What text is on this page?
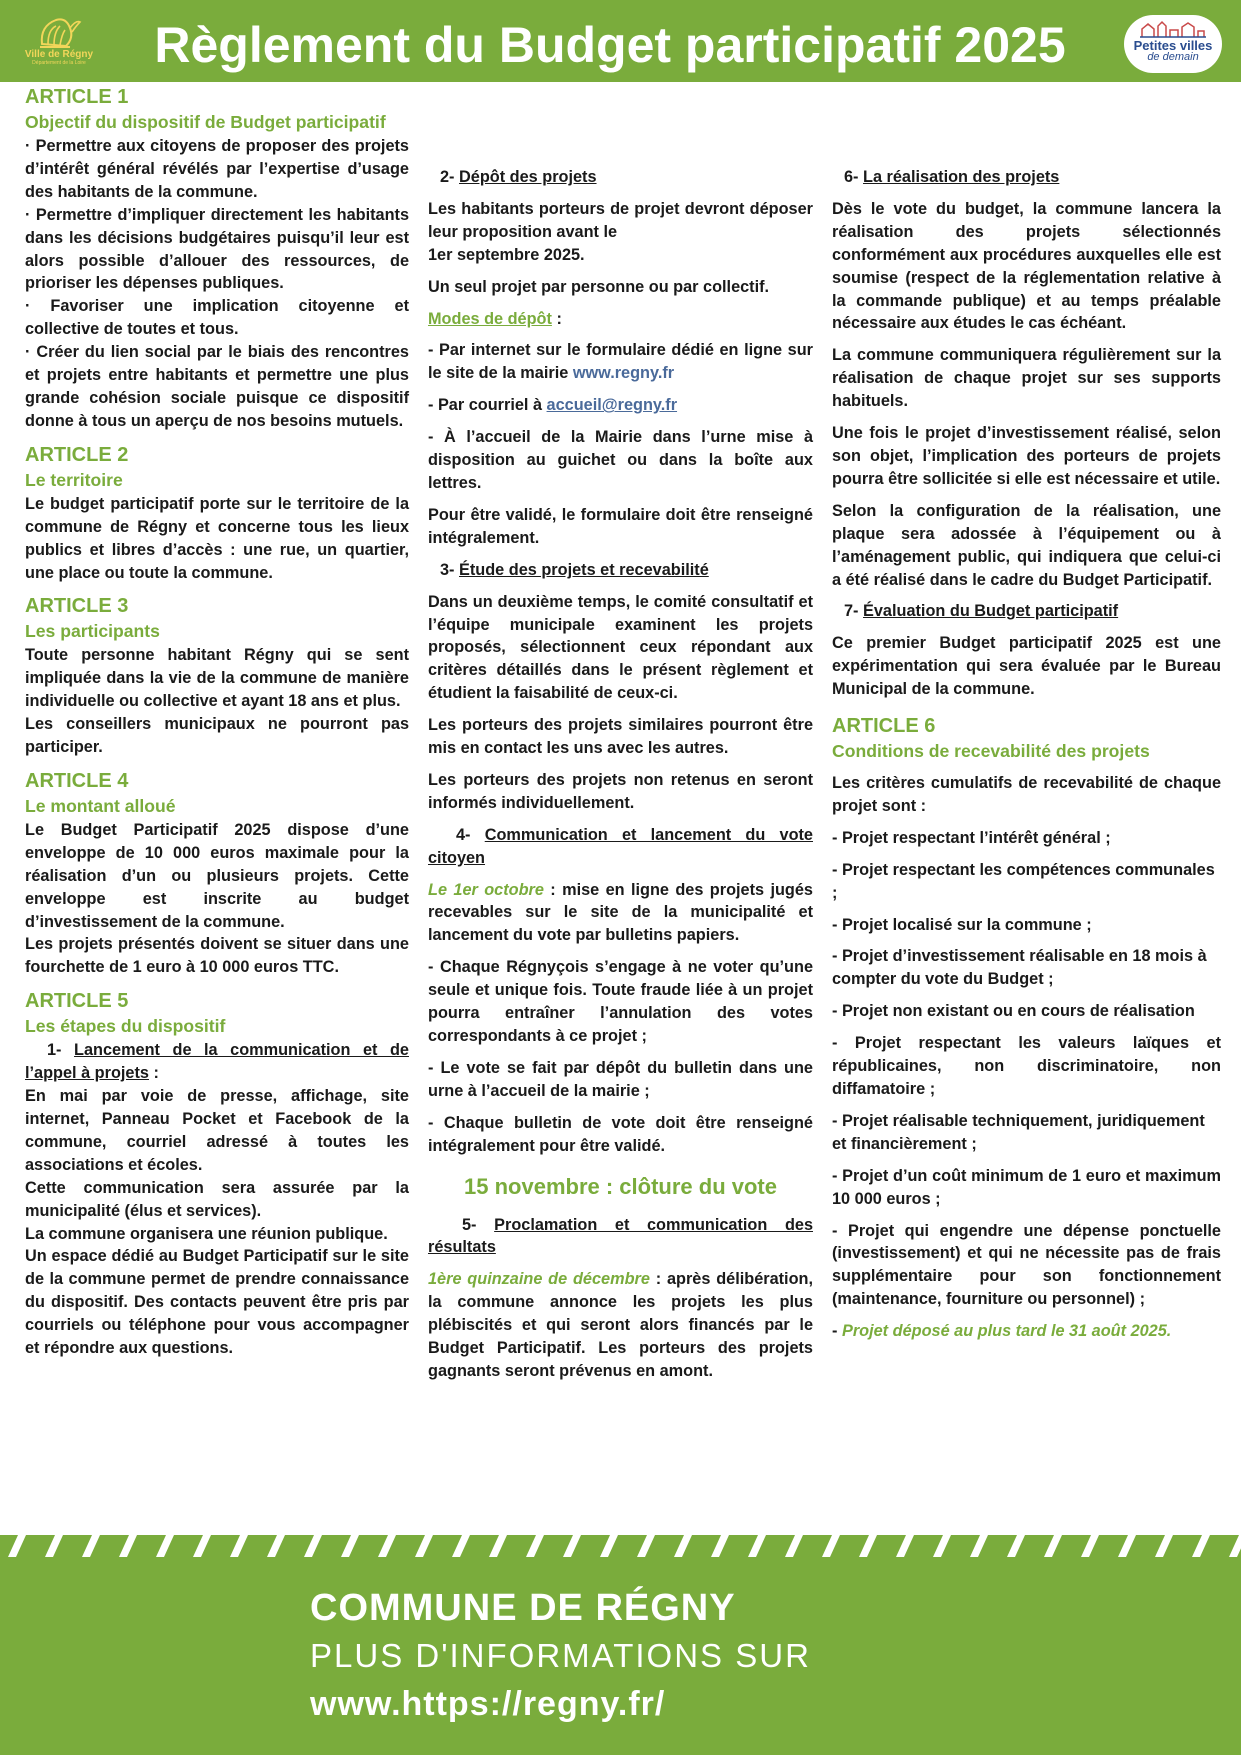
Ville de Régny
Département de la Loire	Règlement du Budget participatif 2025	Petites villes
de demain
ARTICLE 1
Objectif du dispositif de Budget participatif
· Permettre aux citoyens de proposer des projets d’intérêt général révélés par l’expertise d’usage des habitants de la commune.
· Permettre d’impliquer directement les habitants dans les décisions budgétaires puisqu’il leur est alors possible d’allouer des ressources, de prioriser les dépenses publiques.
· Favoriser une implication citoyenne et collective de toutes et tous.
· Créer du lien social par le biais des rencontres et projets entre habitants et permettre une plus grande cohésion sociale puisque ce dispositif donne à tous un aperçu de nos besoins mutuels.
ARTICLE 2
Le territoire
Le budget participatif porte sur le territoire de la commune de Régny et concerne tous les lieux publics et libres d’accès : une rue, un quartier, une place ou toute la commune.
ARTICLE 3
Les participants
Toute personne habitant Régny qui se sent impliquée dans la vie de la commune de manière individuelle ou collective et ayant 18 ans et plus.
Les conseillers municipaux ne pourront pas participer.
ARTICLE 4
Le montant alloué
Le Budget Participatif 2025 dispose d’une enveloppe de 10 000 euros maximale pour la réalisation d’un ou plusieurs projets. Cette enveloppe est inscrite au budget d’investissement de la commune.
Les projets présentés doivent se situer dans une fourchette de 1 euro à 10 000 euros TTC.
ARTICLE 5
Les étapes du dispositif
1- Lancement de la communication et de l’appel à projets :
En mai par voie de presse, affichage, site internet, Panneau Pocket et Facebook de la commune, courriel adressé à toutes les associations et écoles.
Cette communication sera assurée par la municipalité (élus et services).
La commune organisera une réunion publique.
Un espace dédié au Budget Participatif sur le site de la commune permet de prendre connaissance du dispositif. Des contacts peuvent être pris par courriels ou téléphone pour vous accompagner et répondre aux questions.
2- Dépôt des projets
Les habitants porteurs de projet devront déposer leur proposition avant le
1er septembre 2025.
Un seul projet par personne ou par collectif.
Modes de dépôt :
- Par internet sur le formulaire dédié en ligne sur le site de la mairie www.regny.fr
- Par courriel à accueil@regny.fr
- À l’accueil de la Mairie dans l’urne mise à disposition au guichet ou dans la boîte aux lettres.
Pour être validé, le formulaire doit être renseigné intégralement.
3- Étude des projets et recevabilité
Dans un deuxième temps, le comité consultatif et l’équipe municipale examinent les projets proposés, sélectionnent ceux répondant aux critères détaillés dans le présent règlement et étudient la faisabilité de ceux-ci.
Les porteurs des projets similaires pourront être mis en contact les uns avec les autres.
Les porteurs des projets non retenus en seront informés individuellement.
4- Communication et lancement du vote citoyen
Le 1er octobre : mise en ligne des projets jugés recevables sur le site de la municipalité et lancement du vote par bulletins papiers.
- Chaque Régnyçois s’engage à ne voter qu’une seule et unique fois. Toute fraude liée à un projet pourra entraîner l’annulation des votes correspondants à ce projet ;
- Le vote se fait par dépôt du bulletin dans une urne à l’accueil de la mairie ;
- Chaque bulletin de vote doit être renseigné intégralement pour être validé.
15 novembre : clôture du vote
5- Proclamation et communication des résultats
1ère quinzaine de décembre : après délibération, la commune annonce les projets les plus plébiscités et qui seront alors financés par le Budget Participatif. Les porteurs des projets gagnants seront prévenus en amont.
6- La réalisation des projets
Dès le vote du budget, la commune lancera la réalisation des projets sélectionnés conformément aux procédures auxquelles elle est soumise (respect de la réglementation relative à la commande publique) et au temps préalable nécessaire aux études le cas échéant.
La commune communiquera régulièrement sur la réalisation de chaque projet sur ses supports habituels.
Une fois le projet d’investissement réalisé, selon son objet, l’implication des porteurs de projets pourra être sollicitée si elle est nécessaire et utile.
Selon la configuration de la réalisation, une plaque sera adossée à l’équipement ou à l’aménagement public, qui indiquera que celui-ci a été réalisé dans le cadre du Budget Participatif.
7- Évaluation du Budget participatif
Ce premier Budget participatif 2025 est une expérimentation qui sera évaluée par le Bureau Municipal de la commune.
ARTICLE 6
Conditions de recevabilité des projets
Les critères cumulatifs de recevabilité de chaque projet sont :
- Projet respectant l’intérêt général ;
- Projet respectant les compétences communales ;
- Projet localisé sur la commune ;
- Projet d’investissement réalisable en 18 mois à compter du vote du Budget ;
- Projet non existant ou en cours de réalisation
- Projet respectant les valeurs laïques et républicaines, non discriminatoire, non diffamatoire ;
- Projet réalisable techniquement, juridiquement et financièrement ;
- Projet d’un coût minimum de 1 euro et maximum 10 000 euros ;
- Projet qui engendre une dépense ponctuelle (investissement) et qui ne nécessite pas de frais supplémentaire pour son fonctionnement (maintenance, fourniture ou personnel) ;
- Projet déposé au plus tard le 31 août 2025.
COMMUNE DE RÉGNY
PLUS D'INFORMATIONS SUR
www.https://regny.fr/
